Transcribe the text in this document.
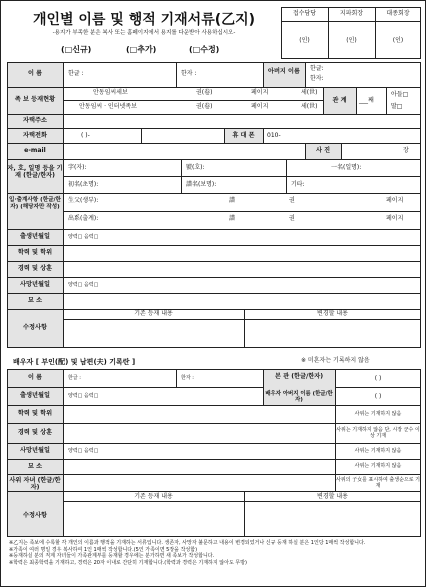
개인별 이름 및 행적 기재서류(乙지)
-용지가 부족한 분은 복사 또는 홈페이지에서 용지를 다운받아 사용하십시오-
(□신규)	(□추가)	(□수정)
접수담당	지파회장	대종회장
(인)	(인)	(인)
이 름	한글 :	한자 :	아버지 이름	한글:
한자:
족 보 등재현황
안동임씨세보	권(卷)	페이지	세(世)
안동임씨 · 인터넷족보	권(卷)	페이지	세(世)
관 계	___째
아들□
딸□
자택주소
자택전화	( )-	휴 대 폰	010-
e-mail	사 진	장
자, 호, 일명 등을 기재 (한글/한자)
字(자):	號(호):	一名(일명):
初名(초명):	譜名(보명):	기타:
입·출계사항 (한글/한자) (해당자만 작성)
生父(생부):	譜	권	페이지
出系(출계):	譜	권	페이지
출생년월일	양력□ 음력□
학력 및 학위
경력 및 상훈
사망년월일	양력□ 음력□
묘 소
수정사항
기존 등재 내용	변경할 내용
배우자 [ 부인(配) 및 남편(夫) 기록란 ]	※ 미혼자는 기록하지 않음
이 름	한글 :	한자 :	본 관 (한글/한자)	( )
출생년월일	양력□ 음력□	배우자 아버지 이름 (한글/한자)	( )
학력 및 학위	사위는 기재하지 않음
경력 및 상훈	사위는 기재하지 않음 단, 시장 군수 이상 기재
사망년월일	양력□ 음력□	사위는 기재하지 않음
묘 소	사위는 기재하지 않음
사위 자녀 (한글/한자)
사위의 子女를 표시하여 출생순으로 기재
수정사항
기존 등재 내용	변경할 내용
※乙지는 족보에 수록할 각 개인의 이름과 행적을 기재하는 서류입니다. 생존자, 사망자 불문하고 내용이 변경되었거나 신규 등재 하실 분은 1인당 1매씩 작성합니다.
※가족이 여러 명일 경우 복사하여 1인 1매씩 작성합니다.(5인 가족이면 5장을 작성함)
※등재하실 분의 직계 자녀들이 가족관계부를 등재할 경우에는 분가하면 새 족보가 작성합니다.
※학력은 최종학력을 기재하고, 경력은 20자 이내로 간단히 기재합니다.(학력과 경력은 기재하지 않아도 무방)
